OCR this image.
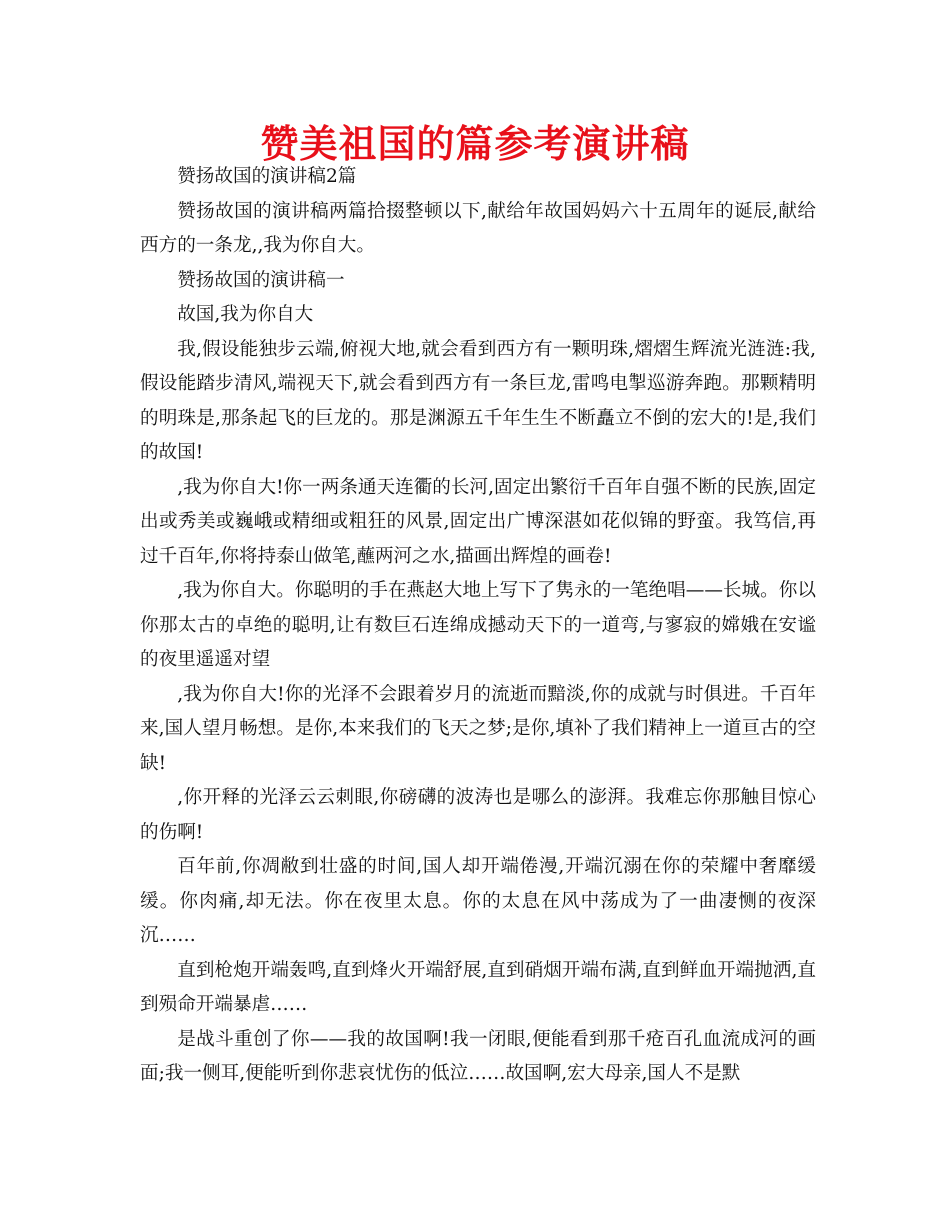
赞美祖国的篇参考演讲稿

赞扬故国的演讲稿2篇

赞扬故国的演讲稿两篇拾掇整顿以下,献给年故国妈妈六十五周年的诞辰,献给西方的一条龙,,我为你自大。

赞扬故国的演讲稿一

故国,我为你自大

我,假设能独步云端,俯视大地,就会看到西方有一颗明珠,熠熠生辉流光涟涟:我,假设能踏步清风,端视天下,就会看到西方有一条巨龙,雷鸣电掣巡游奔跑。那颗精明的明珠是,那条起飞的巨龙的。那是渊源五千年生生不断矗立不倒的宏大的!是,我们的故国!

,我为你自大!你一两条通天连衢的长河,固定出繁衍千百年自强不断的民族,固定出或秀美或巍峨或精细或粗狂的风景,固定出广博深湛如花似锦的野蛮。我笃信,再过千百年,你将持泰山做笔,蘸两河之水,描画出辉煌的画卷!

,我为你自大。你聪明的手在燕赵大地上写下了隽永的一笔绝唱——长城。你以你那太古的卓绝的聪明,让有数巨石连绵成撼动天下的一道弯,与寥寂的嫦娥在安谧的夜里遥遥对望

,我为你自大!你的光泽不会跟着岁月的流逝而黯淡,你的成就与时俱进。千百年来,国人望月畅想。是你,本来我们的飞天之梦;是你,填补了我们精神上一道亘古的空缺!

,你开释的光泽云云刺眼,你磅礴的波涛也是哪么的澎湃。我难忘你那触目惊心的伤啊!

百年前,你凋敝到壮盛的时间,国人却开端倦漫,开端沉溺在你的荣耀中奢靡缓缓。你肉痛,却无法。你在夜里太息。你的太息在风中荡成为了一曲凄恻的夜深沉……

直到枪炮开端轰鸣,直到烽火开端舒展,直到硝烟开端布满,直到鲜血开端抛洒,直到殒命开端暴虐……

是战斗重创了你——我的故国啊!我一闭眼,便能看到那千疮百孔血流成河的画面;我一侧耳,便能听到你悲哀忧伤的低泣……故国啊,宏大母亲,国人不是默
